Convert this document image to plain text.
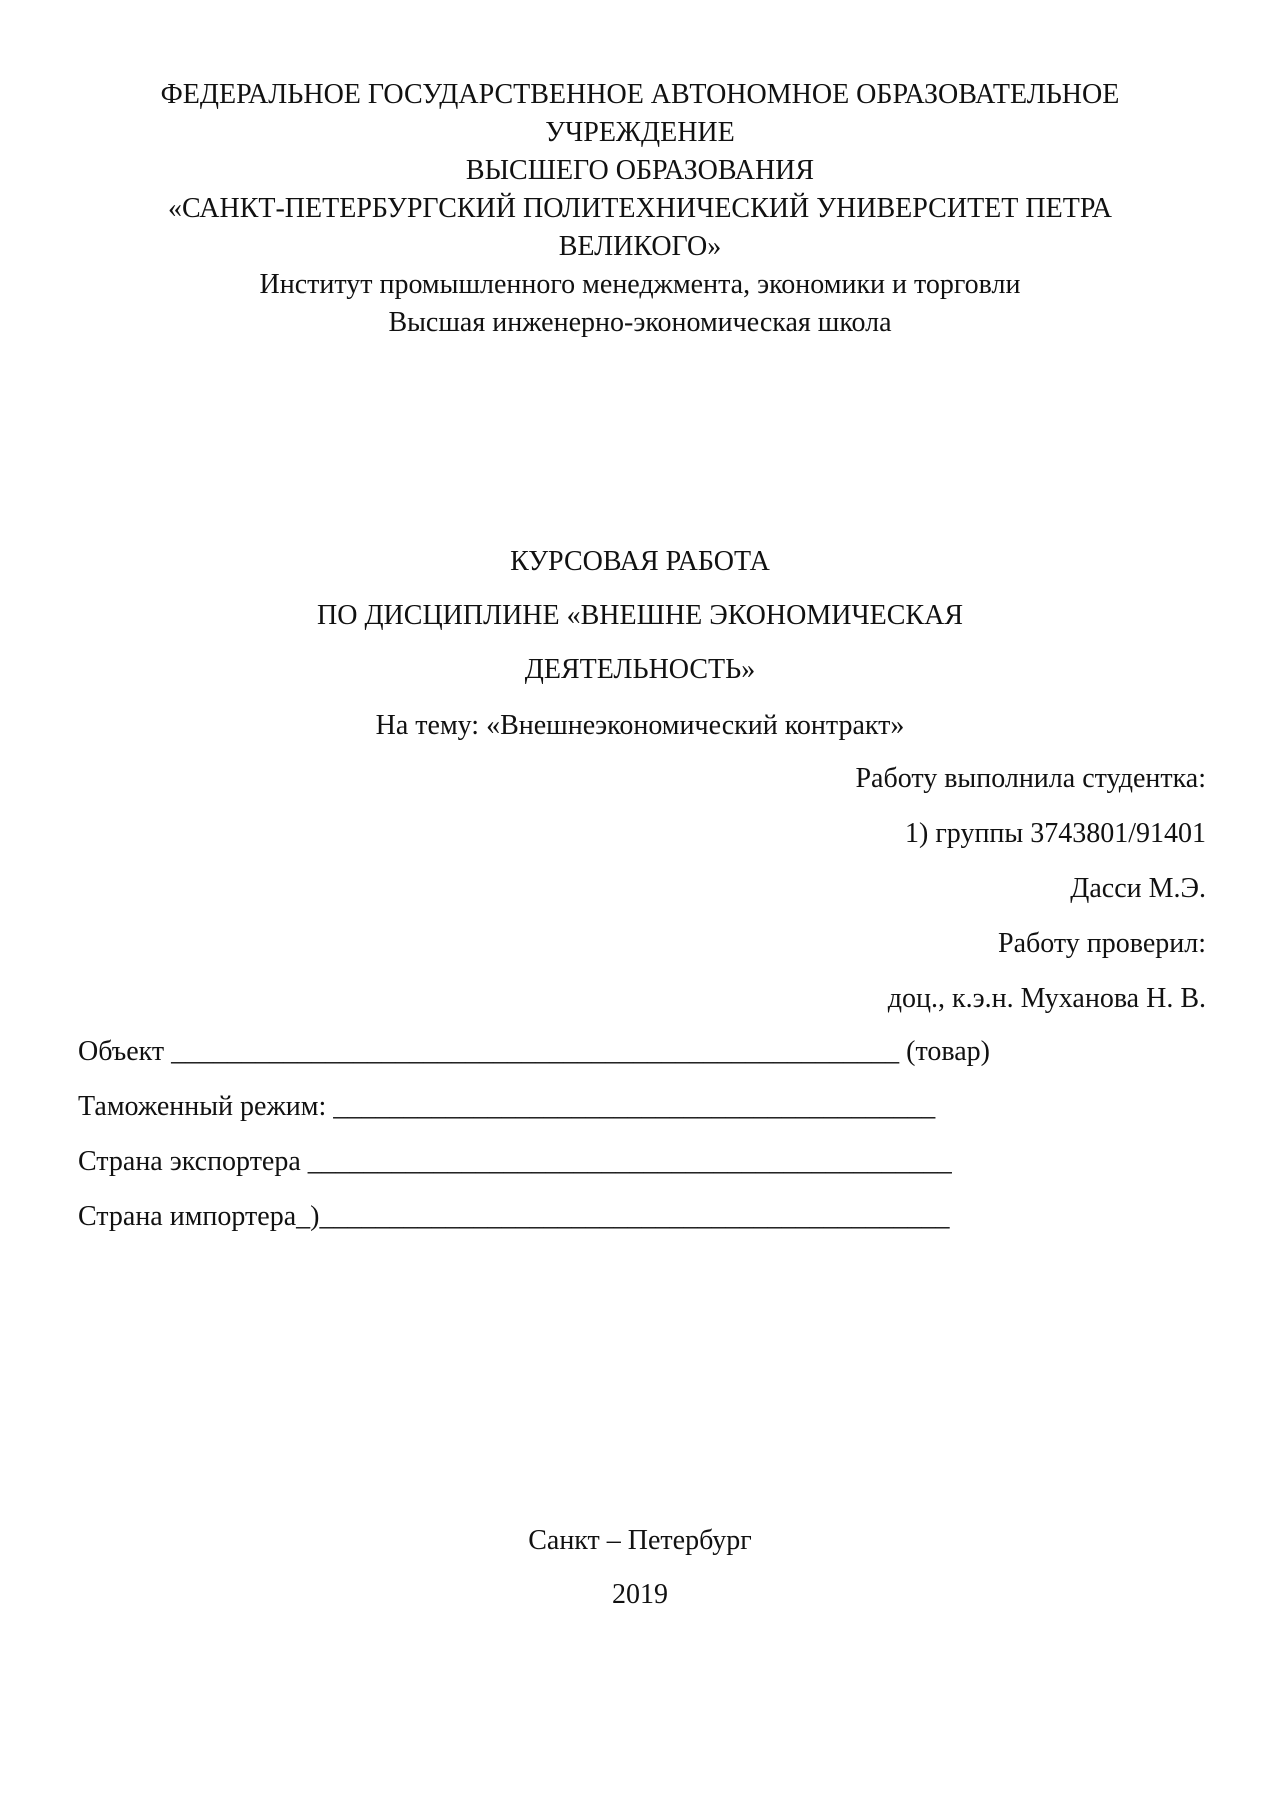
ФЕДЕРАЛЬНОЕ ГОСУДАРСТВЕННОЕ АВТОНОМНОЕ ОБРАЗОВАТЕЛЬНОЕ
УЧРЕЖДЕНИЕ
ВЫСШЕГО ОБРАЗОВАНИЯ
«САНКТ-ПЕТЕРБУРГСКИЙ ПОЛИТЕХНИЧЕСКИЙ УНИВЕРСИТЕТ ПЕТРА
ВЕЛИКОГО»
Институт промышленного менеджмента, экономики и торговли
Высшая инженерно-экономическая школа
КУРСОВАЯ РАБОТА
ПО ДИСЦИПЛИНЕ «ВНЕШНЕ ЭКОНОМИЧЕСКАЯ
ДЕЯТЕЛЬНОСТЬ»
На тему: «Внешнеэкономический контракт»
Работу выполнила студентка:
1) группы 3743801/91401
Дасси М.Э.
Работу проверил:
доц., к.э.н. Муханова Н. В.
Объект ____________________________________________________ (товар)
Таможенный режим: ___________________________________________
Страна экспортера ______________________________________________
Страна импортера_)_____________________________________________
Санкт – Петербург
2019
